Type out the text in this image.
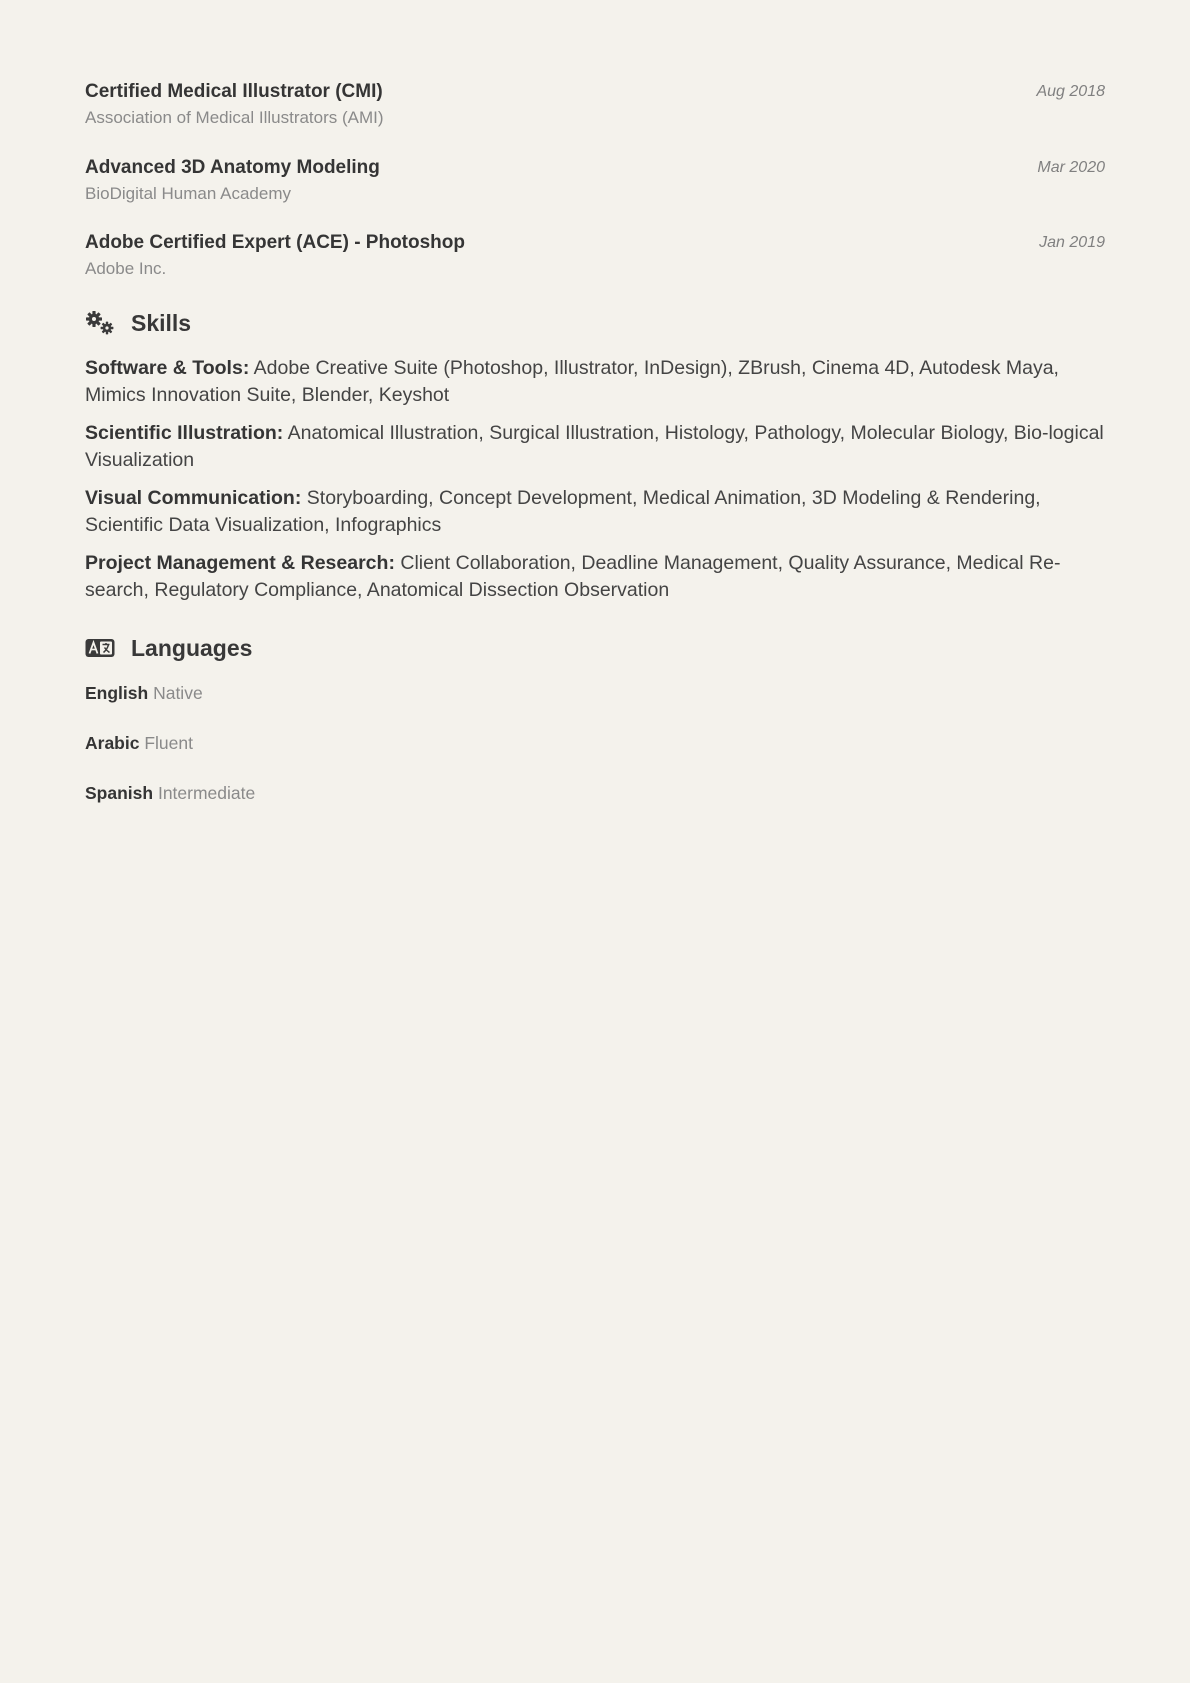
Certified Medical Illustrator (CMI)
Association of Medical Illustrators (AMI)
Aug 2018
Advanced 3D Anatomy Modeling
BioDigital Human Academy
Mar 2020
Adobe Certified Expert (ACE) - Photoshop
Adobe Inc.
Jan 2019
Skills
Software & Tools: Adobe Creative Suite (Photoshop, Illustrator, InDesign), ZBrush, Cinema 4D, Autodesk Maya, Mimics Innovation Suite, Blender, Keyshot
Scientific Illustration: Anatomical Illustration, Surgical Illustration, Histology, Pathology, Molecular Biology, Bio-logical Visualization
Visual Communication: Storyboarding, Concept Development, Medical Animation, 3D Modeling & Rendering, Scientific Data Visualization, Infographics
Project Management & Research: Client Collaboration, Deadline Management, Quality Assurance, Medical Re-search, Regulatory Compliance, Anatomical Dissection Observation
Languages
English Native
Arabic Fluent
Spanish Intermediate
